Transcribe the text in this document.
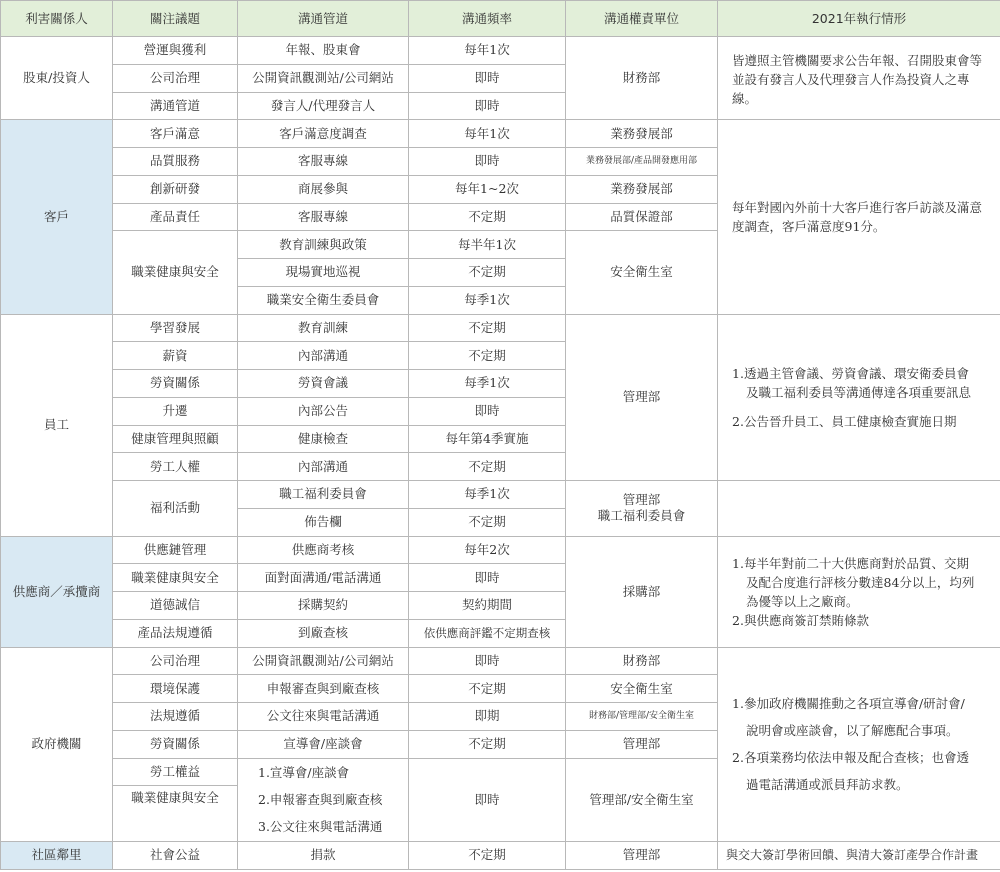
利害關係人	關注議題	溝通管道	溝通頻率	溝通權責單位	2021年執行情形
股東/投資人	營運與獲利	年報、股東會	每年1次	財務部	皆遵照主管機關要求公告年報、召開股東會等並設有發言人及代理發言人作為投資人之專線。
	公司治理	公開資訊觀測站/公司網站	即時		
	溝通管道	發言人/代理發言人	即時		
客戶	客戶滿意	客戶滿意度調查	每年1次	業務發展部	每年對國內外前十大客戶進行客戶訪談及滿意度調查，客戶滿意度91分。
	品質服務	客服專線	即時	業務發展部/產品開發應用部	
	創新研發	商展參與	每年1~2次	業務發展部	
	產品責任	客服專線	不定期	品質保證部	
	職業健康與安全	教育訓練與政策	每半年1次	安全衛生室	
		現場實地巡視	不定期		
		職業安全衛生委員會	每季1次		
員工	學習發展	教育訓練	不定期	管理部	1.透過主管會議、勞資會議、環安衛委員會
及職工福利委員等溝通傳達各項重要訊息
2.公告晉升員工、員工健康檢查實施日期

	薪資	內部溝通	不定期		
	勞資關係	勞資會議	每季1次		
	升遷	內部公告	即時		
	健康管理與照顧	健康檢查	每年第4季實施		
	勞工人權	內部溝通	不定期		
	福利活動	職工福利委員會	每季1次	管理部
職工福利委員會	

		佈告欄	不定期		
供應商／承攬商	供應鏈管理	供應商考核	每年2次	採購部	1.每半年對前二十大供應商對於品質、交期
及配合度進行評核分數達84分以上，均列
為優等以上之廠商。
2.與供應商簽訂禁賄條款

	職業健康與安全	面對面溝通/電話溝通	即時		
	道德誠信	採購契約	契約期間		
	產品法規遵循	到廠查核	依供應商評鑑不定期查核		
政府機關	公司治理	公開資訊觀測站/公司網站	即時	財務部	1.參加政府機關推動之各項宣導會/研討會/
說明會或座談會，以了解應配合事項。
2.各項業務均依法申報及配合查核；也會透
過電話溝通或派員拜訪求教。

	環境保護	申報審查與到廠查核	不定期	安全衛生室	
	法規遵循	公文往來與電話溝通	即期	財務部/管理部/安全衛生室	
	勞資關係	宣導會/座談會	不定期	管理部	
	勞工權益	1.宣導會/座談會
2.申報審查與到廠查核
3.公文往來與電話溝通	即時	管理部/安全衛生室	
	職業健康與安全				

社區鄰里	社會公益	捐款	不定期	管理部	與交大簽訂學術回饋、與清大簽訂產學合作計畫
